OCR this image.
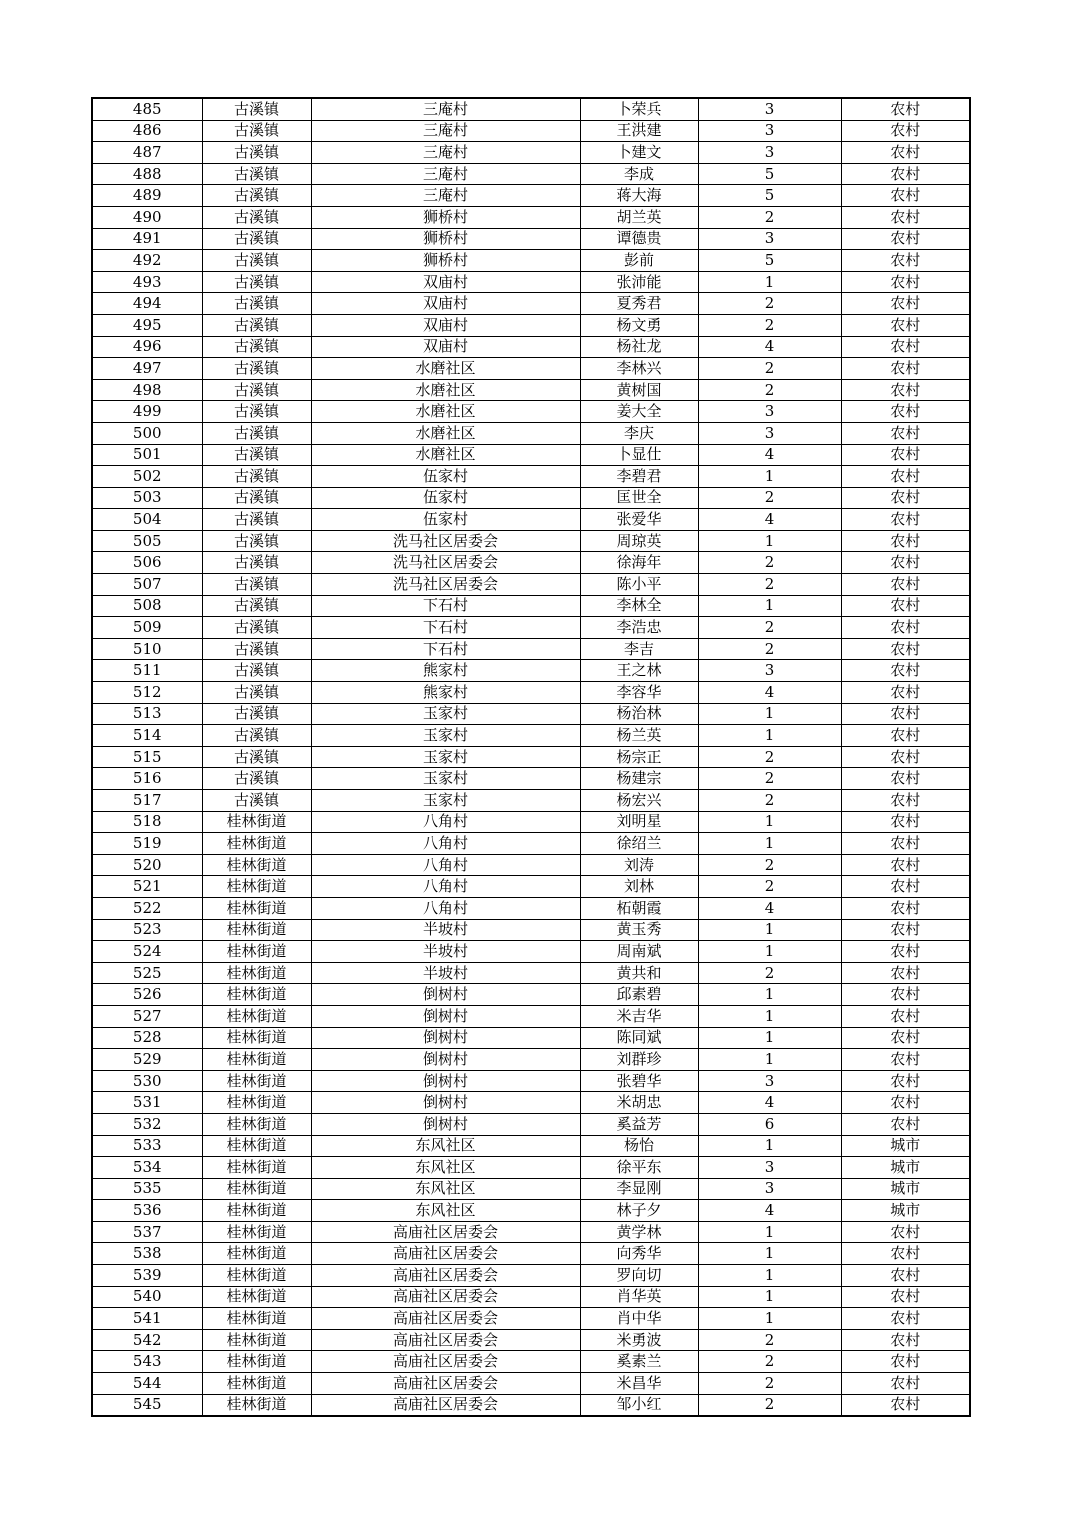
485	古溪镇	三庵村	卜荣兵	3	农村
486	古溪镇	三庵村	王洪建	3	农村
487	古溪镇	三庵村	卜建文	3	农村
488	古溪镇	三庵村	李成	5	农村
489	古溪镇	三庵村	蒋大海	5	农村
490	古溪镇	狮桥村	胡兰英	2	农村
491	古溪镇	狮桥村	谭德贵	3	农村
492	古溪镇	狮桥村	彭前	5	农村
493	古溪镇	双庙村	张沛能	1	农村
494	古溪镇	双庙村	夏秀君	2	农村
495	古溪镇	双庙村	杨文勇	2	农村
496	古溪镇	双庙村	杨社龙	4	农村
497	古溪镇	水磨社区	李林兴	2	农村
498	古溪镇	水磨社区	黄树国	2	农村
499	古溪镇	水磨社区	姜大全	3	农村
500	古溪镇	水磨社区	李庆	3	农村
501	古溪镇	水磨社区	卜显仕	4	农村
502	古溪镇	伍家村	李碧君	1	农村
503	古溪镇	伍家村	匡世全	2	农村
504	古溪镇	伍家村	张爱华	4	农村
505	古溪镇	洗马社区居委会	周琼英	1	农村
506	古溪镇	洗马社区居委会	徐海年	2	农村
507	古溪镇	洗马社区居委会	陈小平	2	农村
508	古溪镇	下石村	李林全	1	农村
509	古溪镇	下石村	李浩忠	2	农村
510	古溪镇	下石村	李吉	2	农村
511	古溪镇	熊家村	王之林	3	农村
512	古溪镇	熊家村	李容华	4	农村
513	古溪镇	玉家村	杨治林	1	农村
514	古溪镇	玉家村	杨兰英	1	农村
515	古溪镇	玉家村	杨宗正	2	农村
516	古溪镇	玉家村	杨建宗	2	农村
517	古溪镇	玉家村	杨宏兴	2	农村
518	桂林街道	八角村	刘明星	1	农村
519	桂林街道	八角村	徐绍兰	1	农村
520	桂林街道	八角村	刘涛	2	农村
521	桂林街道	八角村	刘林	2	农村
522	桂林街道	八角村	柘朝霞	4	农村
523	桂林街道	半坡村	黄玉秀	1	农村
524	桂林街道	半坡村	周南斌	1	农村
525	桂林街道	半坡村	黄共和	2	农村
526	桂林街道	倒树村	邱素碧	1	农村
527	桂林街道	倒树村	米吉华	1	农村
528	桂林街道	倒树村	陈同斌	1	农村
529	桂林街道	倒树村	刘群珍	1	农村
530	桂林街道	倒树村	张碧华	3	农村
531	桂林街道	倒树村	米胡忠	4	农村
532	桂林街道	倒树村	奚益芳	6	农村
533	桂林街道	东风社区	杨怡	1	城市
534	桂林街道	东风社区	徐平东	3	城市
535	桂林街道	东风社区	李显刚	3	城市
536	桂林街道	东风社区	林子夕	4	城市
537	桂林街道	高庙社区居委会	黄学林	1	农村
538	桂林街道	高庙社区居委会	向秀华	1	农村
539	桂林街道	高庙社区居委会	罗向切	1	农村
540	桂林街道	高庙社区居委会	肖华英	1	农村
541	桂林街道	高庙社区居委会	肖中华	1	农村
542	桂林街道	高庙社区居委会	米勇波	2	农村
543	桂林街道	高庙社区居委会	奚素兰	2	农村
544	桂林街道	高庙社区居委会	米昌华	2	农村
545	桂林街道	高庙社区居委会	邹小红	2	农村
